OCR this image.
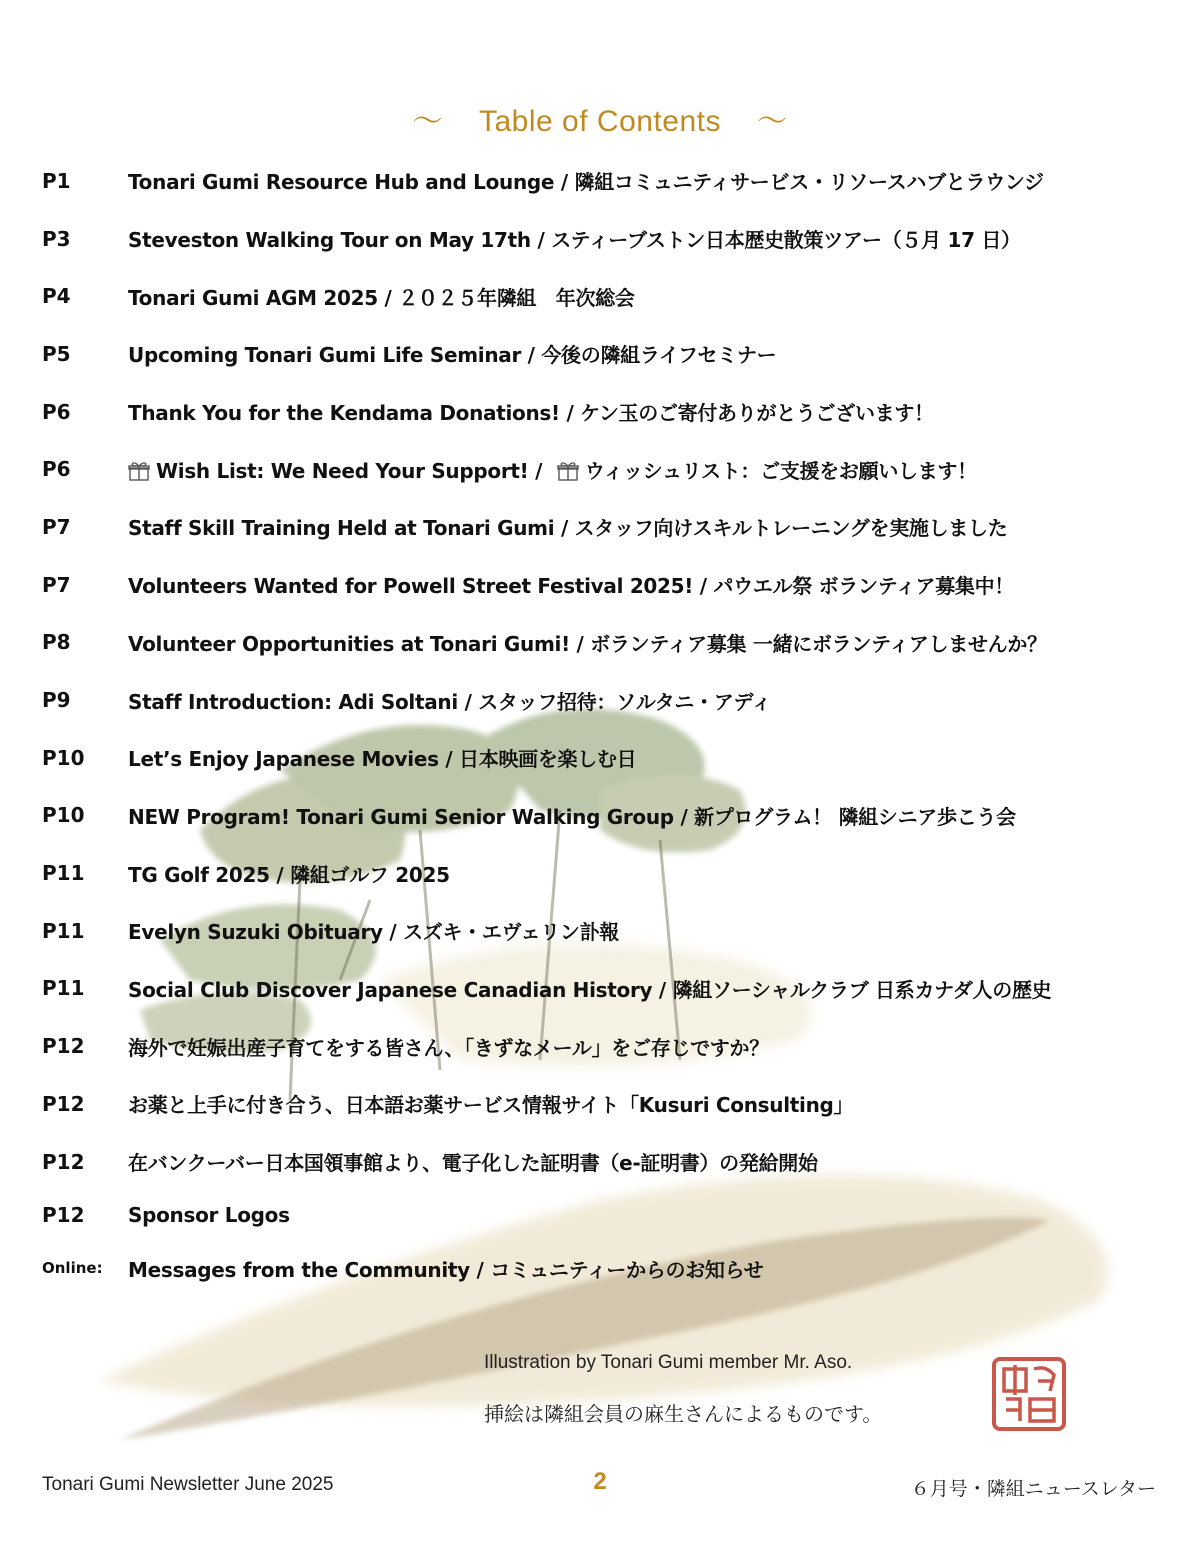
～ Table of Contents ～
P1	Tonari Gumi Resource Hub and Lounge / 隣組コミュニティサービス・リソースハブとラウンジ
P3	Steveston Walking Tour on May 17th / スティーブストン日本歴史散策ツアー（５月 17 日）
P4	Tonari Gumi AGM 2025 / ２０２５年隣組　年次総会
P5	Upcoming Tonari Gumi Life Seminar / 今後の隣組ライフセミナー
P6	Thank You for the Kendama Donations! / ケン玉のご寄付ありがとうございます！
P6	Wish List: We Need Your Support! / ウィッシュリスト：ご支援をお願いします！
P7	Staff Skill Training Held at Tonari Gumi / スタッフ向けスキルトレーニングを実施しました
P7	Volunteers Wanted for Powell Street Festival 2025! / パウエル祭 ボランティア募集中！
P8	Volunteer Opportunities at Tonari Gumi! / ボランティア募集 一緒にボランティアしませんか？
P9	Staff Introduction: Adi Soltani / スタッフ招待：ソルタニ・アディ
P10	Let’s Enjoy Japanese Movies / 日本映画を楽しむ日
P10	NEW Program! Tonari Gumi Senior Walking Group / 新プログラム！ 隣組シニア歩こう会
P11	TG Golf 2025 / 隣組ゴルフ 2025
P11	Evelyn Suzuki Obituary / スズキ・エヴェリン訃報
P11	Social Club Discover Japanese Canadian History / 隣組ソーシャルクラブ 日系カナダ人の歴史
P12	海外で妊娠出産子育てをする皆さん、「きずなメール」をご存じですか？
P12	お薬と上手に付き合う、日本語お薬サービス情報サイト「Kusuri Consulting」
P12	在バンクーバー日本国領事館より、電子化した証明書（e-証明書）の発給開始
P12	Sponsor Logos
Online:	Messages from the Community / コミュニティーからのお知らせ
Illustration by Tonari Gumi member Mr. Aso.
挿絵は隣組会員の麻生さんによるものです。
Tonari Gumi Newsletter June 2025	2	６月号・隣組ニュースレター
